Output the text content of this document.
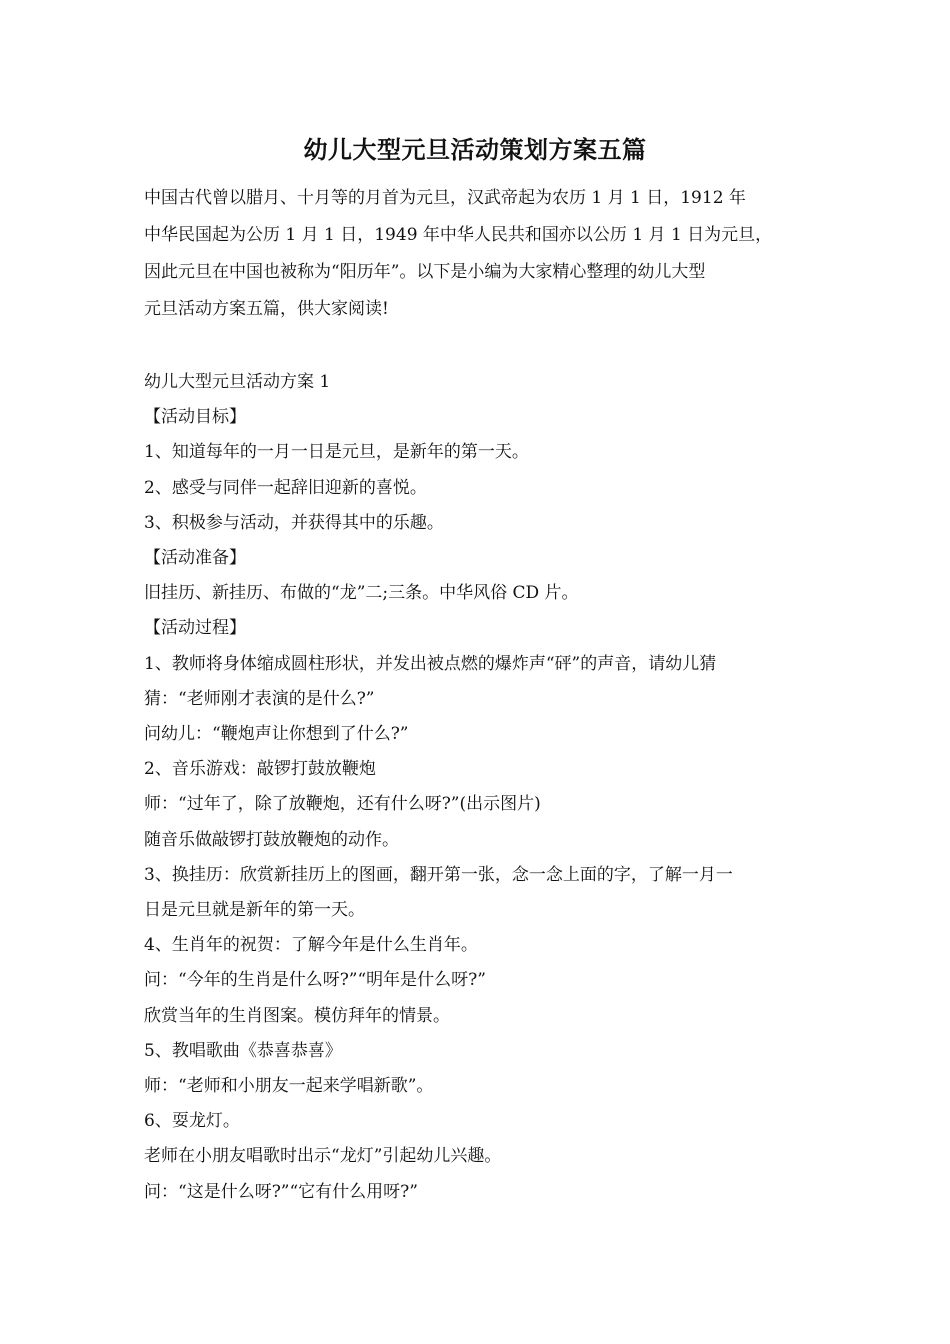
幼儿大型元旦活动策划方案五篇

中国古代曾以腊月、十月等的月首为元旦，汉武帝起为农历 1 月 1 日，1912 年

中华民国起为公历 1 月 1 日，1949 年中华人民共和国亦以公历 1 月 1 日为元旦，

因此元旦在中国也被称为“阳历年”。以下是小编为大家精心整理的幼儿大型

元旦活动方案五篇，供大家阅读!

幼儿大型元旦活动方案 1

【活动目标】

1、知道每年的一月一日是元旦，是新年的第一天。

2、感受与同伴一起辞旧迎新的喜悦。

3、积极参与活动，并获得其中的乐趣。

【活动准备】

旧挂历、新挂历、布做的“龙”二;三条。中华风俗 CD 片。

【活动过程】

1、教师将身体缩成圆柱形状，并发出被点燃的爆炸声“砰”的声音，请幼儿猜

猜：“老师刚才表演的是什么?”

问幼儿：“鞭炮声让你想到了什么?”

2、音乐游戏：敲锣打鼓放鞭炮

师：“过年了，除了放鞭炮，还有什么呀?”(出示图片)

随音乐做敲锣打鼓放鞭炮的动作。

3、换挂历：欣赏新挂历上的图画，翻开第一张，念一念上面的字，了解一月一

日是元旦就是新年的第一天。

4、生肖年的祝贺：了解今年是什么生肖年。

问：“今年的生肖是什么呀?”“明年是什么呀?”

欣赏当年的生肖图案。模仿拜年的情景。

5、教唱歌曲《恭喜恭喜》

师：“老师和小朋友一起来学唱新歌”。

6、耍龙灯。

老师在小朋友唱歌时出示“龙灯”引起幼儿兴趣。

问：“这是什么呀?”“它有什么用呀?”
